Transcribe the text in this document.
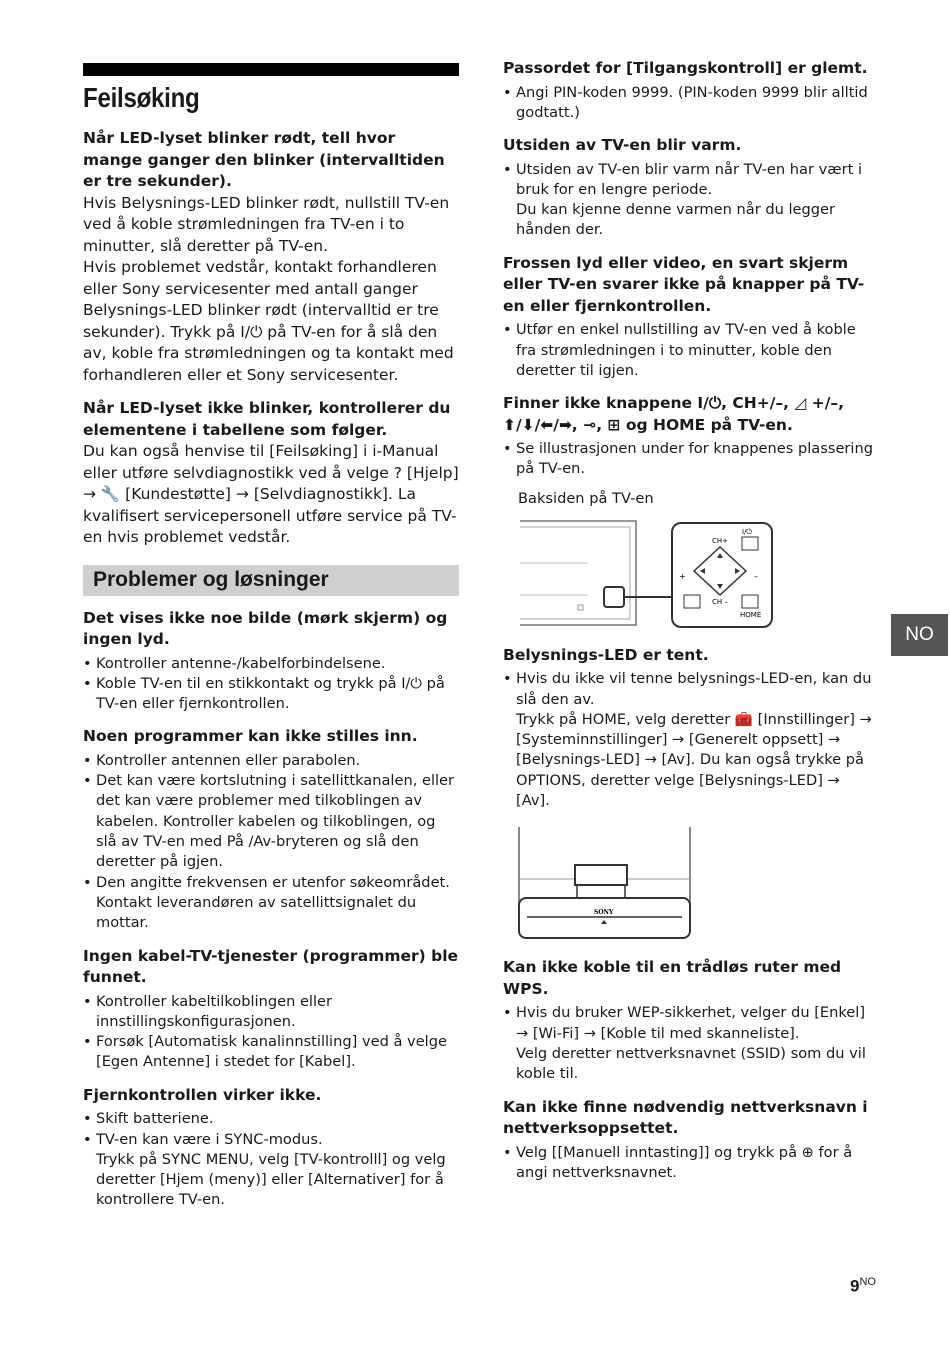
Feilsøking
Når LED-lyset blinker rødt, tell hvor mange ganger den blinker (intervalltiden er tre sekunder).
Hvis Belysnings-LED blinker rødt, nullstill TV-en ved å koble strømledningen fra TV-en i to minutter, slå deretter på TV-en.
Hvis problemet vedstår, kontakt forhandleren eller Sony servicesenter med antall ganger Belysnings-LED blinker rødt (intervalltid er tre sekunder). Trykk på I/⏻ på TV-en for å slå den av, koble fra strømledningen og ta kontakt med forhandleren eller et Sony servicesenter.
Når LED-lyset ikke blinker, kontrollerer du elementene i tabellene som følger.
Du kan også henvise til [Feilsøking] i i-Manual eller utføre selvdiagnostikk ved å velge ? [Hjelp] → 🔧 [Kundestøtte] → [Selvdiagnostikk]. La kvalifisert servicepersonell utføre service på TV-en hvis problemet vedstår.
Problemer og løsninger
Det vises ikke noe bilde (mørk skjerm) og ingen lyd.
• Kontroller antenne-/kabelforbindelsene.
• Koble TV-en til en stikkontakt og trykk på I/⏻ på TV-en eller fjernkontrollen.
Noen programmer kan ikke stilles inn.
• Kontroller antennen eller parabolen.
• Det kan være kortslutning i satellittkanalen, eller det kan være problemer med tilkoblingen av kabelen. Kontroller kabelen og tilkoblingen, og slå av TV-en med På /Av-bryteren og slå den deretter på igjen.
• Den angitte frekvensen er utenfor søkeområdet. Kontakt leverandøren av satellittsignalet du mottar.
Ingen kabel-TV-tjenester (programmer) ble funnet.
• Kontroller kabeltilkoblingen eller innstillingskonfigurasjonen.
• Forsøk [Automatisk kanalinnstilling] ved å velge [Egen Antenne] i stedet for [Kabel].
Fjernkontrollen virker ikke.
• Skift batteriene.
• TV-en kan være i SYNC-modus.
Trykk på SYNC MENU, velg [TV-kontrolll] og velg deretter [Hjem (meny)] eller [Alternativer] for å kontrollere TV-en.
Passordet for [Tilgangskontroll] er glemt.
• Angi PIN-koden 9999. (PIN-koden 9999 blir alltid godtatt.)
Utsiden av TV-en blir varm.
• Utsiden av TV-en blir varm når TV-en har vært i bruk for en lengre periode.
Du kan kjenne denne varmen når du legger hånden der.
Frossen lyd eller video, en svart skjerm eller TV-en svarer ikke på knapper på TV-en eller fjernkontrollen.
• Utfør en enkel nullstilling av TV-en ved å koble fra strømledningen i to minutter, koble den deretter til igjen.
Finner ikke knappene I/⏻, CH+/–, ◿ +/–,
⬆/⬇/⬅/➡, ⊸, ⊞ og HOME på TV-en.
• Se illustrasjonen under for knappenes plassering på TV-en.
Baksiden på TV-en
CH+
CH –
I/⏻
+	–
HOME
Belysnings-LED er tent.
• Hvis du ikke vil tenne belysnings-LED-en, kan du slå den av.
Trykk på HOME, velg deretter 🧰 [Innstillinger] → [Systeminnstillinger] → [Generelt oppsett] → [Belysnings-LED] → [Av]. Du kan også trykke på OPTIONS, deretter velge [Belysnings-LED] → [Av].
SONY
Kan ikke koble til en trådløs ruter med WPS.
• Hvis du bruker WEP-sikkerhet, velger du [Enkel] → [Wi-Fi] → [Koble til med skanneliste].
Velg deretter nettverksnavnet (SSID) som du vil koble til.
Kan ikke finne nødvendig nettverksnavn i nettverksoppsettet.
• Velg [[Manuell inntasting]] og trykk på ⊕ for å angi nettverksnavnet.
NO
$9^{NO}$
